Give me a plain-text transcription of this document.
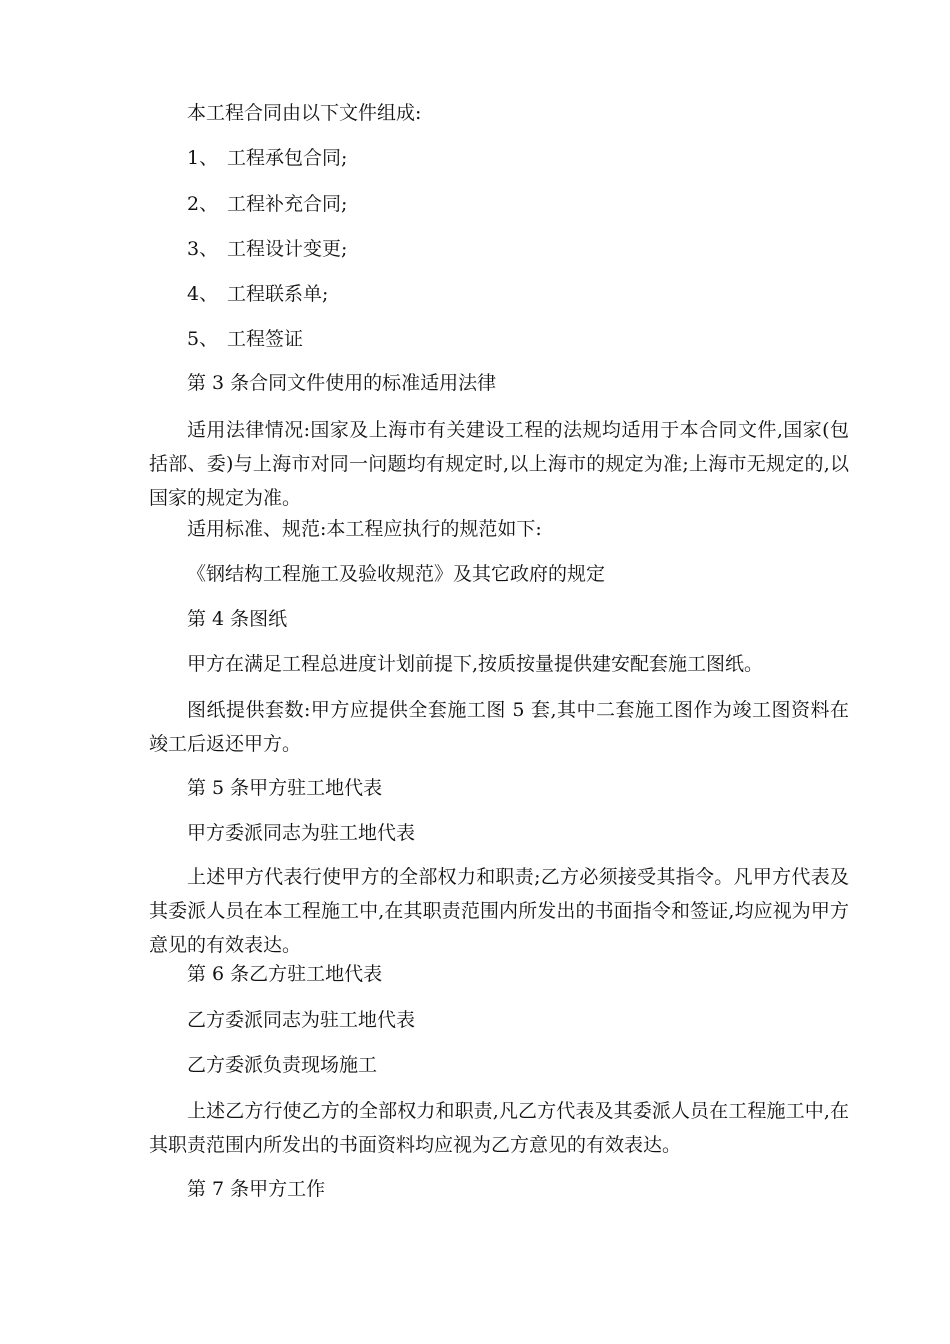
本工程合同由以下文件组成:

1、 工程承包合同;
2、 工程补充合同;
3、 工程设计变更;
4、 工程联系单;
5、 工程签证

第 3 条合同文件使用的标准适用法律

适用法律情况:国家及上海市有关建设工程的法规均适用于本合同文件,国家(包括部、委)与上海市对同一问题均有规定时,以上海市的规定为准;上海市无规定的,以国家的规定为准。

适用标准、规范:本工程应执行的规范如下:

《钢结构工程施工及验收规范》及其它政府的规定

第 4 条图纸

甲方在满足工程总进度计划前提下,按质按量提供建安配套施工图纸。

图纸提供套数:甲方应提供全套施工图 5 套,其中二套施工图作为竣工图资料在竣工后返还甲方。

第 5 条甲方驻工地代表

甲方委派同志为驻工地代表

上述甲方代表行使甲方的全部权力和职责;乙方必须接受其指令。凡甲方代表及其委派人员在本工程施工中,在其职责范围内所发出的书面指令和签证,均应视为甲方意见的有效表达。

第 6 条乙方驻工地代表

乙方委派同志为驻工地代表

乙方委派负责现场施工

上述乙方行使乙方的全部权力和职责,凡乙方代表及其委派人员在工程施工中,在其职责范围内所发出的书面资料均应视为乙方意见的有效表达。

第 7 条甲方工作
